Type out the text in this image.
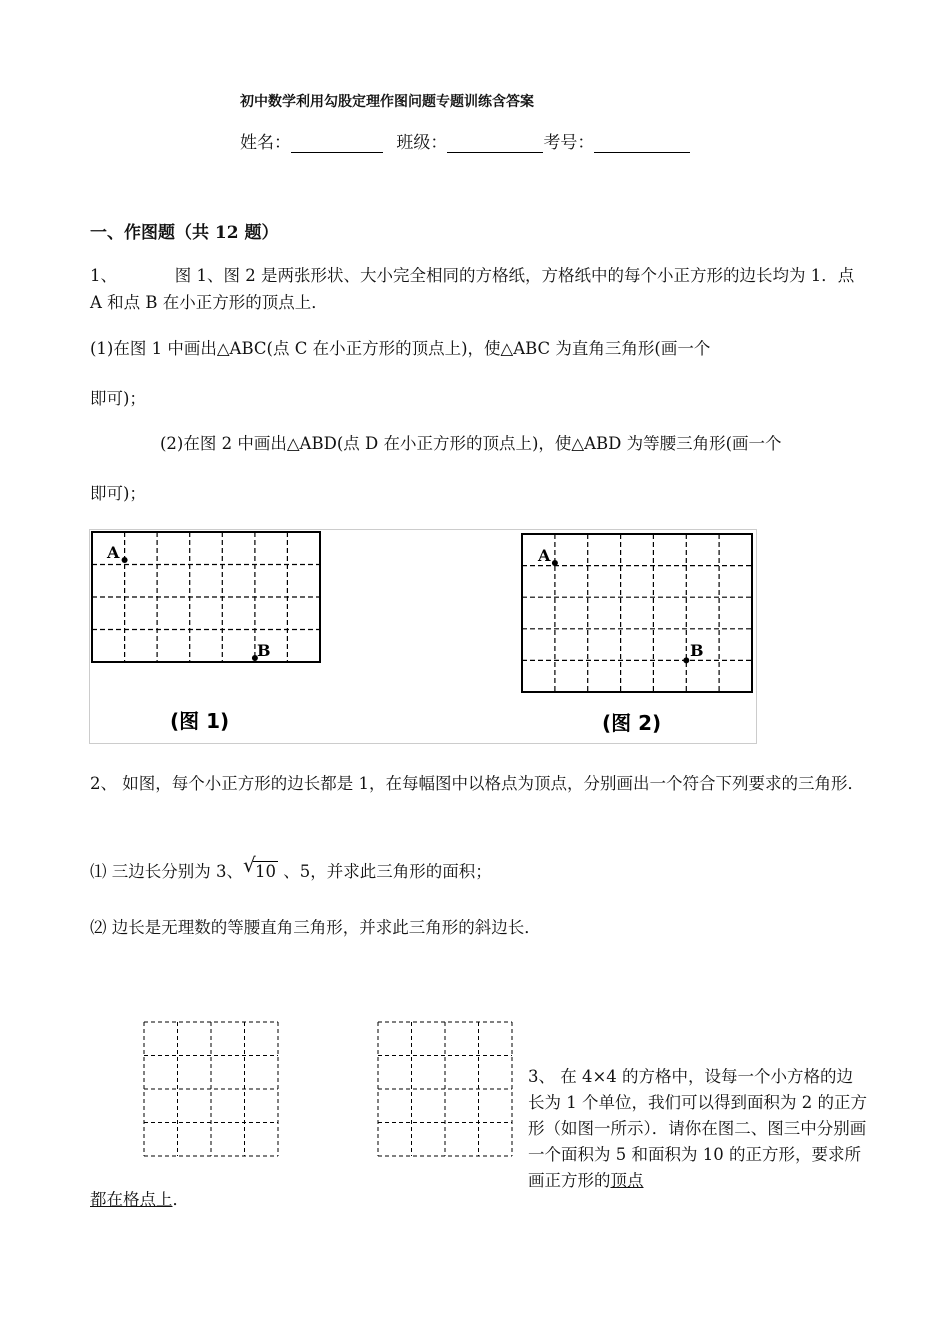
初中数学利用勾股定理作图问题专题训练含答案
姓名：	班级：	考号：
一、作图题（共 12 题）
1、　　　　图 1、图 2 是两张形状、大小完全相同的方格纸，方格纸中的每个小正方形的边长均为 1．点 A 和点 B 在小正方形的顶点上．
(1)在图 1 中画出△ABC(点 C 在小正方形的顶点上)，使△ABC 为直角三角形(画一个
即可)；
(2)在图 2 中画出△ABD(点 D 在小正方形的顶点上)，使△ABD 为等腰三角形(画一个
即可)；
A
B
(图 1)
A
B
(图 2)
2、 如图，每个小正方形的边长都是 1，在每幅图中以格点为顶点，分别画出一个符合下列要求的三角形．
⑴ 三边长分别为 3、 √ 10 、5，并求此三角形的面积；
⑵ 边长是无理数的等腰直角三角形，并求此三角形的斜边长．
3、 在 4×4 的方格中，设每一个小方格的边长为 1 个单位，我们可以得到面积为 2 的正方形（如图一所示）．请你在图二、图三中分别画一个面积为 5 和面积为 10 的正方形，要求所画正方形的顶点
都在格点上．
